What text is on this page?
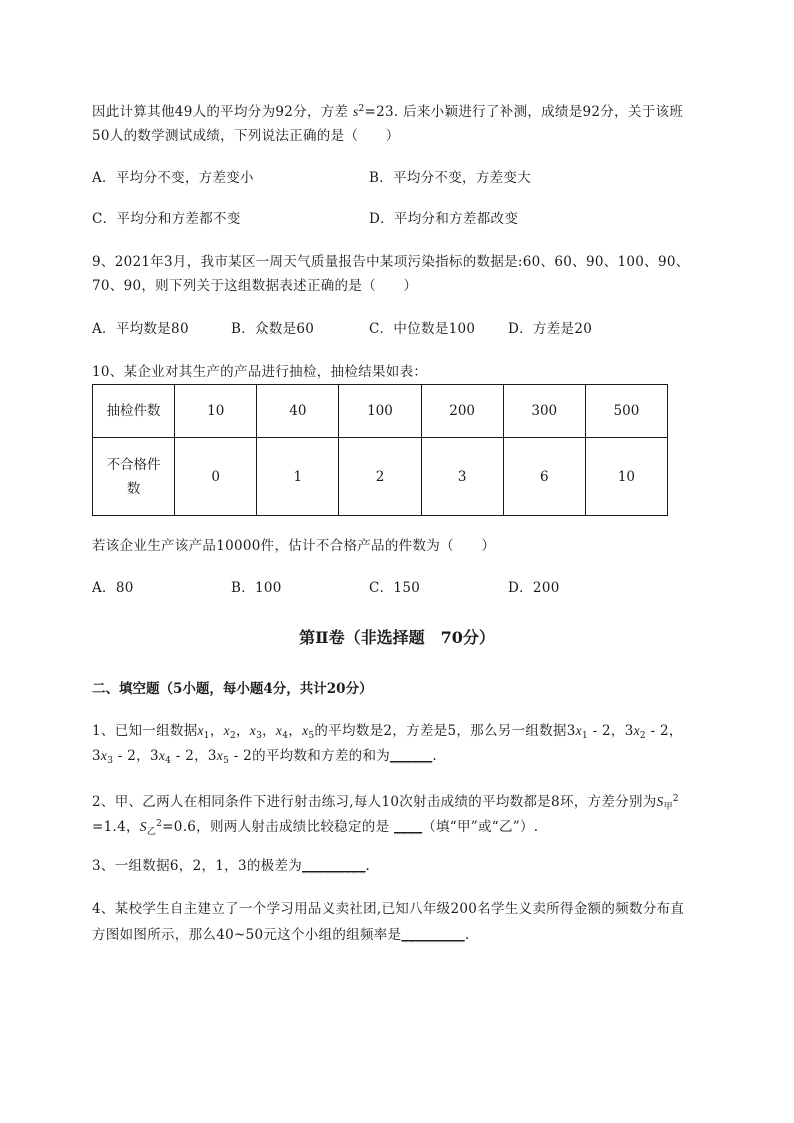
因此计算其他49人的平均分为92分，方差 $s^2=23$. 后来小颖进行了补测，成绩是92分，关于该班
50人的数学测试成绩，下列说法正确的是（　　）
A．平均分不变，方差变小	B．平均分不变，方差变大
C．平均分和方差都不变	D．平均分和方差都改变
9、2021年3月，我市某区一周天气质量报告中某项污染指标的数据是:60、60、90、100、90、
70、90，则下列关于这组数据表述正确的是（　　）
A．平均数是80	B．众数是60	C．中位数是100 D．方差是20
10、某企业对其生产的产品进行抽检，抽检结果如表：
抽检件数	10	40	100	200	300	500
不合格件
数	0	1	2	3	6	10
若该企业生产该产品10000件，估计不合格产品的件数为（　　）
A．80	B．100	C．150	D．200
第Ⅱ卷（非选择题　70分）
二、填空题（5小题，每小题4分，共计20分）
1、已知一组数据$x_1$，$x_2$，$x_3$，$x_4$，$x_5$的平均数是2，方差是5，那么另一组数据$3x_1 - 2$，$3x_2 - 2$，
$3x_3 - 2$，$3x_4 - 2$，$3x_5 - 2$的平均数和方差的和为______.
2、甲、乙两人在相同条件下进行射击练习,每人10次射击成绩的平均数都是8环，方差分别为$S_甲^2$
=1.4，$S_乙^2=0.6$，则两人射击成绩比较稳定的是 ____（填“甲”或“乙”）.
3、一组数据6，2，1，3的极差为_________.
4、某校学生自主建立了一个学习用品义卖社团,已知八年级200名学生义卖所得金额的频数分布直
方图如图所示，那么40~50元这个小组的组频率是_________.
